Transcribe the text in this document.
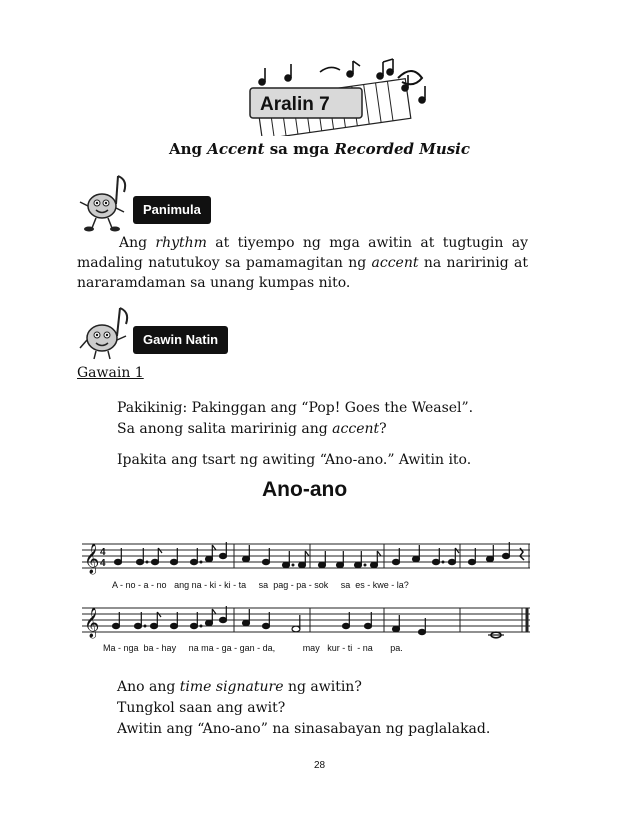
Aralin 7
Ang Accent sa mga Recorded Music
Panimula
Ang rhythm at tiyempo ng mga awitin at tugtugin ay madaling natutukoy sa pamamagitan ng accent na naririnig at nararamdaman sa unang kumpas nito.
Gawin Natin
Gawain 1
Pakikinig: Pakinggan ang “Pop! Goes the Weasel”.
Sa anong salita maririnig ang accent?
Ipakita ang tsart ng awiting “Ano-ano.” Awitin ito.
Ano-ano
𝄞 4
4
A - no - a - no ang na - ki - ki - ta sa pag - pa - sok sa es - kwe - la?
𝄞
Ma - nga ba - hay na ma - ga - gan - da,	may kur - ti - na pa.
Ano ang time signature ng awitin?
Tungkol saan ang awit?
Awitin ang “Ano-ano” na sinasabayan ng paglalakad.
28
